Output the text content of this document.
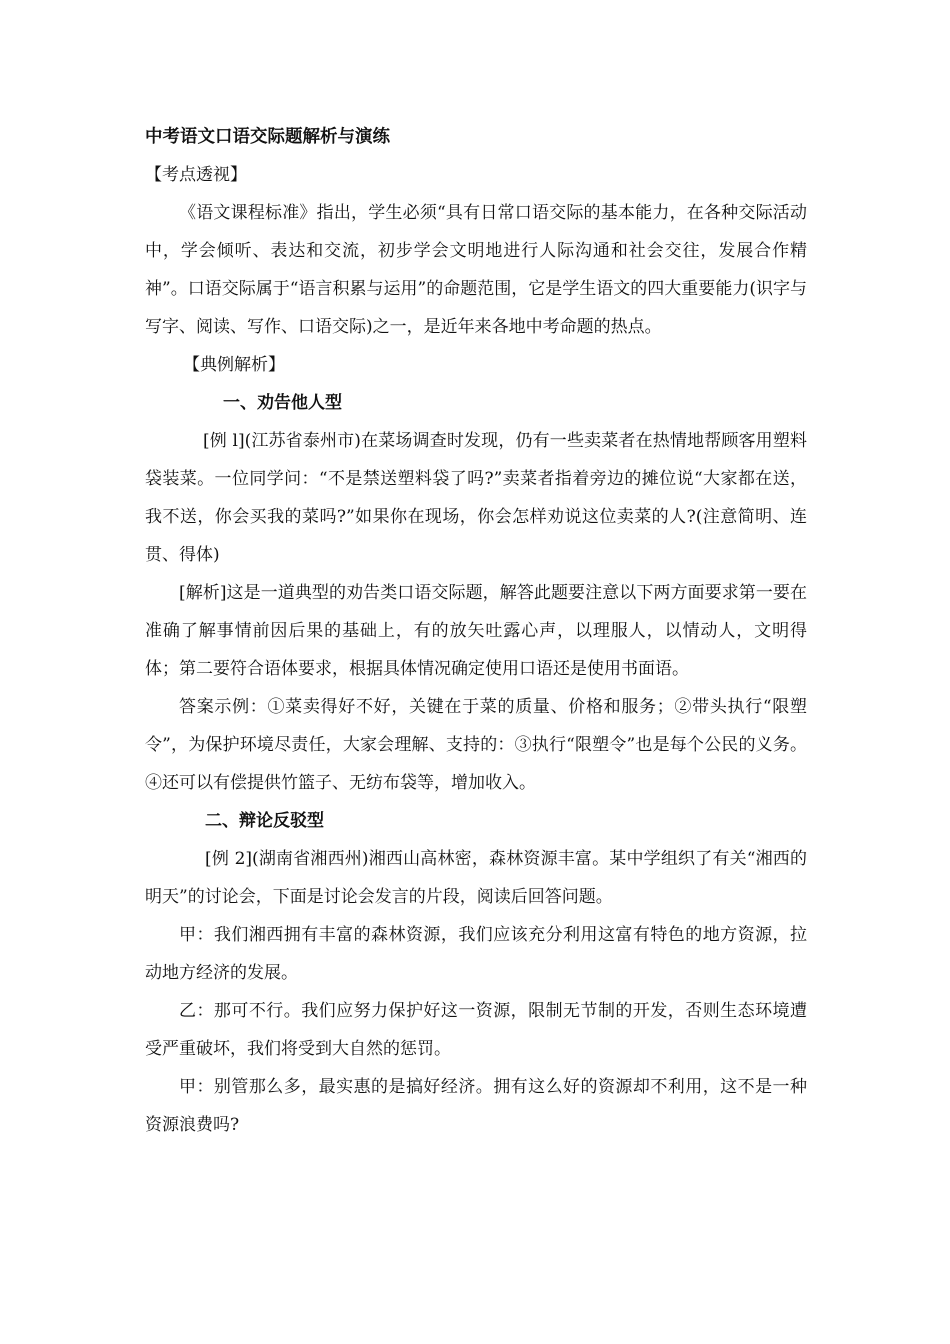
中考语文口语交际题解析与演练

【考点透视】

《语文课程标准》指出，学生必须“具有日常口语交际的基本能力，在各种交际活动中，学会倾听、表达和交流，初步学会文明地进行人际沟通和社会交往，发展合作精神”。口语交际属于“语言积累与运用”的命题范围，它是学生语文的四大重要能力(识字与写字、阅读、写作、口语交际)之一，是近年来各地中考命题的热点。

【典例解析】

一、劝告他人型

[例 l](江苏省泰州市)在菜场调查时发现，仍有一些卖菜者在热情地帮顾客用塑料袋装菜。一位同学问：“不是禁送塑料袋了吗?”卖菜者指着旁边的摊位说“大家都在送，我不送，你会买我的菜吗?”如果你在现场，你会怎样劝说这位卖菜的人?(注意简明、连贯、得体)

[解析]这是一道典型的劝告类口语交际题，解答此题要注意以下两方面要求第一要在准确了解事情前因后果的基础上，有的放矢吐露心声，以理服人，以情动人，文明得体；第二要符合语体要求，根据具体情况确定使用口语还是使用书面语。

答案示例：①菜卖得好不好，关键在于菜的质量、价格和服务；②带头执行“限塑令”，为保护环境尽责任，大家会理解、支持的：③执行“限塑令”也是每个公民的义务。④还可以有偿提供竹篮子、无纺布袋等，增加收入。

二、辩论反驳型

[例 2](湖南省湘西州)湘西山高林密，森林资源丰富。某中学组织了有关“湘西的明天”的讨论会，下面是讨论会发言的片段，阅读后回答问题。

甲：我们湘西拥有丰富的森林资源，我们应该充分利用这富有特色的地方资源，拉动地方经济的发展。

乙：那可不行。我们应努力保护好这一资源，限制无节制的开发，否则生态环境遭受严重破坏，我们将受到大自然的惩罚。

甲：别管那么多，最实惠的是搞好经济。拥有这么好的资源却不利用，这不是一种资源浪费吗?
